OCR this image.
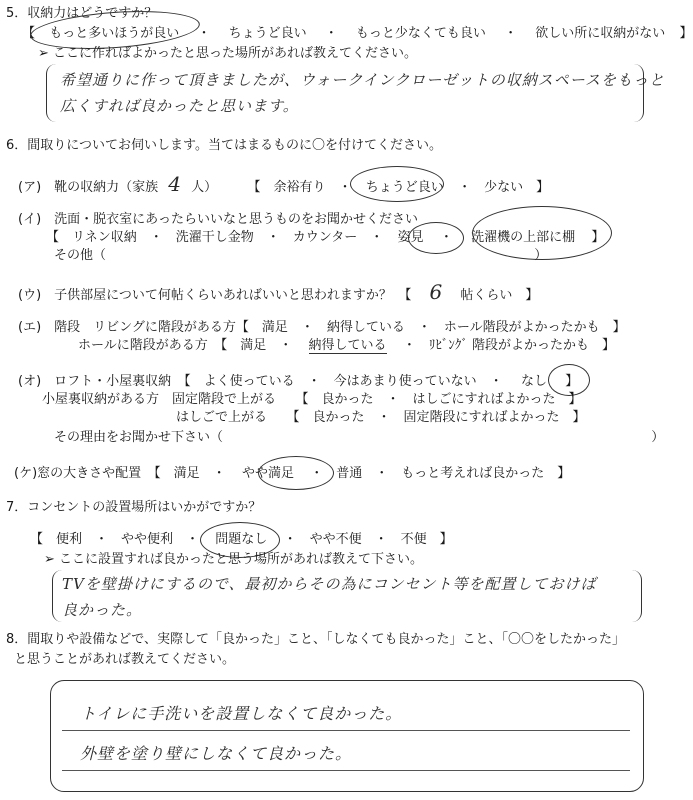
5．収納力はどうですか？
【 もっと多いほうが良い ・ ちょうど良い ・ もっと少なくても良い ・ 欲しい所に収納がない 】
➢ ここに作ればよかったと思った場所があれば教えてください。
希望通りに作って頂きましたが、ウォークインクローゼットの収納スペースをもっと
広くすれば良かったと思います。
6．間取りについてお伺いします。当てはまるものに〇を付けてください。
(ア)　靴の収納力（家族 4 人） 【　余裕有り　・ ちょうど良い ・　少ない　】
(イ)　洗面・脱衣室にあったらいいなと思うものをお聞かせください
【　リネン収納　・　洗濯干し金物　・　カウンター　・ 姿見 ・ 洗濯機の上部に棚 】
その他（	）
(ウ)　子供部屋について何帖くらいあればいいと思われますか？　【 6 帖くらい　】
(エ)　階段　リビングに階段がある方【　満足　・　納得している　・　ホール階段がよかったかも　】
ホールに階段がある方　【　満足　・ 納得している ・　ﾘﾋﾞﾝｸﾞ 階段がよかったかも　】
(オ)　ロフト・小屋裏収納　【　よく使っている　・　今はあまり使っていない　・ なし 】
小屋裏収納がある方　固定階段で上がる　　【　良かった　・　はしごにすればよかった　】
はしごで上がる　　【　良かった　・　固定階段にすればよかった　】
その理由をお聞かせ下さい（	）
(ケ)窓の大きさや配置　【　満足　・ やや満足 ・　普通　・　もっと考えれば良かった　】
7．コンセントの設置場所はいかがですか？
【　便利　・　やや便利　・ 問題なし ・　やや不便　・　不便　】
➢ ここに設置すれば良かったと思う場所があれば教えて下さい。
TVを壁掛けにするので、最初からその為にコンセント等を配置しておけば
良かった。
8．間取りや設備などで、実際して「良かった」こと、「しなくても良かった」こと、「〇〇をしたかった」
と思うことがあれば教えてください。
トイレに手洗いを設置しなくて良かった。
外壁を塗り壁にしなくて良かった。
